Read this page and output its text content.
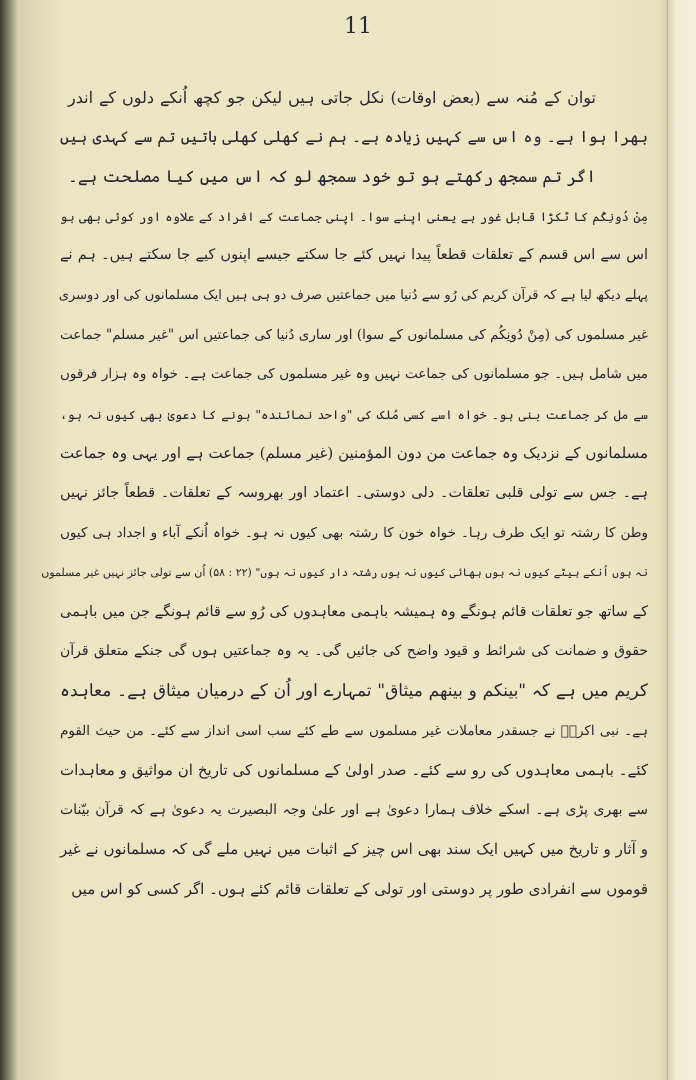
11
توان کے مُنہ سے (بعض اوقات) نکل جاتی ہیں لیکن جو کچھ اُنکے دلوں کے اندر
بھرا ہوا ہے۔ وہ اس سے کہیں زیادہ ہے۔ ہم نے کھلی کھلی باتیں تم سے کہدی ہیں
اگر تم سمجھ رکھتے ہو تو خود سمجھ لو کہ اس میں کیا مصلحت ہے۔
مِنْ دُونِکُم کا ٹکڑا قابل غور ہے یعنی اپنے سوا۔ اپنی جماعت کے افراد کے علاوہ اور کوئی بھی ہو
اس سے اس قسم کے تعلقات قطعاً پیدا نہیں کئے جا سکتے جیسے اپنوں کیے جا سکتے ہیں۔ ہم نے
پہلے دیکھ لیا ہے کہ قرآن کریم کی رُو سے دُنیا میں جماعتیں صرف دو ہی ہیں ایک مسلمانوں کی اور دوسری
غیر مسلموں کی (مِنْ دُونِکُم کی مسلمانوں کے سوا) اور ساری دُنیا کی جماعتیں اس "غیر مسلم" جماعت
میں شامل ہیں۔ جو مسلمانوں کی جماعت نہیں وہ غیر مسلموں کی جماعت ہے۔ خواہ وہ ہزار فرقوں
سے مل کر جماعت بنی ہو۔ خواہ اسے کسی مُلک کی "واحد نمائندہ" ہونے کا دعویٰ بھی کیوں نہ ہو،
مسلمانوں کے نزدیک وہ جماعت من دون المؤمنین (غیر مسلم) جماعت ہے اور یہی وہ جماعت
ہے۔ جس سے تولی قلبی تعلقات۔ دلی دوستی۔ اعتماد اور بھروسہ کے تعلقات۔ قطعاً جائز نہیں
وطن کا رشتہ تو ایک طرف رہا۔ خواہ خون کا رشتہ بھی کیوں نہ ہو۔ خواہ اُنکے آباء و اجداد ہی کیوں
نہ ہوں اُنکے بیٹے کیوں نہ ہوں بھائی کیوں نہ ہوں رشتہ دار کیوں نہ ہوں" (۲۲ : ۵۸) اُن سے تولی جائز نہیں غیر مسلموں
کے ساتھ جو تعلقات قائم ہونگے وہ ہمیشہ باہمی معاہدوں کی رُو سے قائم ہونگے جن میں باہمی
حقوق و ضمانت کی شرائط و قیود واضح کی جائیں گی۔ یہ وہ جماعتیں ہوں گی جنکے متعلق قرآن
کریم میں ہے کہ "بینکم و بینهم میثاق" تمہارے اور اُن کے درمیان میثاق ہے۔ معاہدہ
ہے۔ نبی اکرمؐ نے جسقدر معاملات غیر مسلموں سے طے کئے سب اسی انداز سے کئے۔ من حیث القوم
کئے۔ باہمی معاہدوں کی رو سے کئے۔ صدر اولیٰ کے مسلمانوں کی تاریخ ان مواثیق و معاہدات
سے بھری پڑی ہے۔ اسکے خلاف ہمارا دعویٰ ہے اور علیٰ وجہ البصیرت یہ دعویٰ ہے کہ قرآن بیّنات
و آثار و تاریخ میں کہیں ایک سند بھی اس چیز کے اثبات میں نہیں ملے گی کہ مسلمانوں نے غیر
قوموں سے انفرادی طور پر دوستی اور تولی کے تعلقات قائم کئے ہوں۔ اگر کسی کو اس میں
